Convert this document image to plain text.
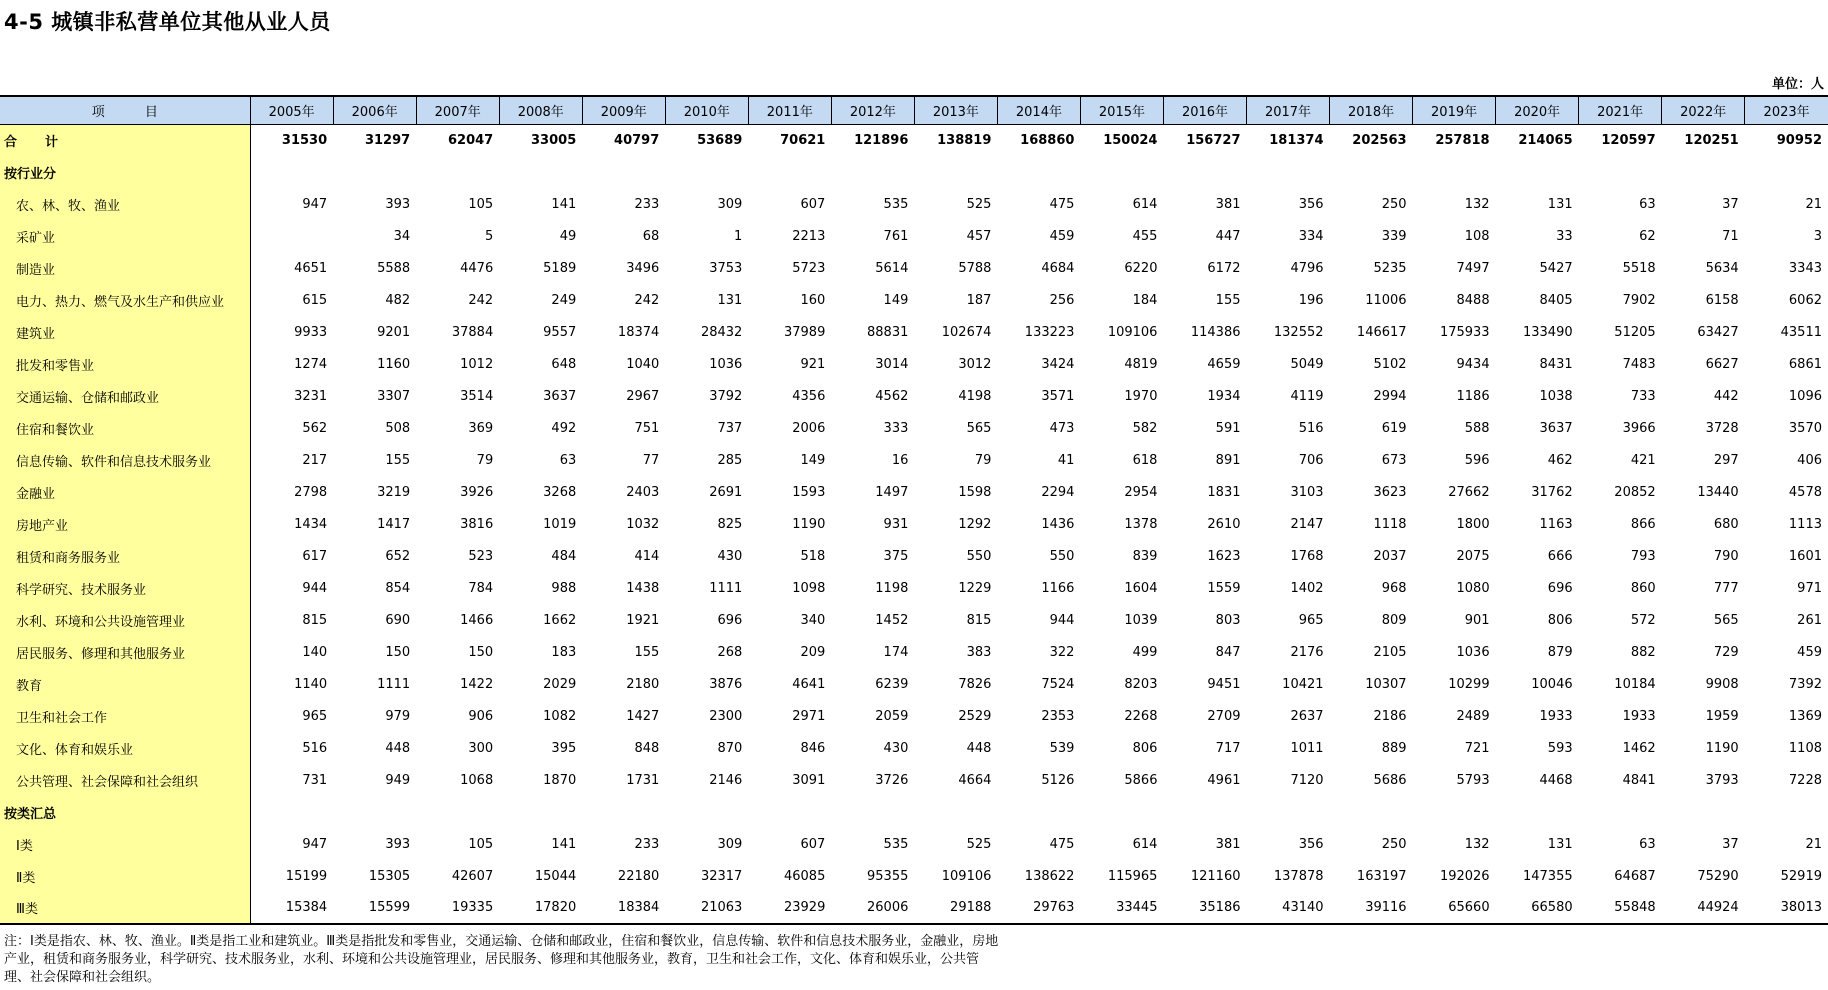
4-5 城镇非私营单位其他从业人员
单位：人
项 目	2005年	2006年	2007年	2008年	2009年	2010年	2011年	2012年	2013年	2014年	2015年	2016年	2017年	2018年	2019年	2020年	2021年	2022年	2023年
合计	31530	31297	62047	33005	40797	53689	70621	121896	138819	168860	150024	156727	181374	202563	257818	214065	120597	120251	90952
按行业分																			
农、林、牧、渔业	947	393	105	141	233	309	607	535	525	475	614	381	356	250	132	131	63	37	21
采矿业		34	5	49	68	1	2213	761	457	459	455	447	334	339	108	33	62	71	3
制造业	4651	5588	4476	5189	3496	3753	5723	5614	5788	4684	6220	6172	4796	5235	7497	5427	5518	5634	3343
电力、热力、燃气及水生产和供应业	615	482	242	249	242	131	160	149	187	256	184	155	196	11006	8488	8405	7902	6158	6062
建筑业	9933	9201	37884	9557	18374	28432	37989	88831	102674	133223	109106	114386	132552	146617	175933	133490	51205	63427	43511
批发和零售业	1274	1160	1012	648	1040	1036	921	3014	3012	3424	4819	4659	5049	5102	9434	8431	7483	6627	6861
交通运输、仓储和邮政业	3231	3307	3514	3637	2967	3792	4356	4562	4198	3571	1970	1934	4119	2994	1186	1038	733	442	1096
住宿和餐饮业	562	508	369	492	751	737	2006	333	565	473	582	591	516	619	588	3637	3966	3728	3570
信息传输、软件和信息技术服务业	217	155	79	63	77	285	149	16	79	41	618	891	706	673	596	462	421	297	406
金融业	2798	3219	3926	3268	2403	2691	1593	1497	1598	2294	2954	1831	3103	3623	27662	31762	20852	13440	4578
房地产业	1434	1417	3816	1019	1032	825	1190	931	1292	1436	1378	2610	2147	1118	1800	1163	866	680	1113
租赁和商务服务业	617	652	523	484	414	430	518	375	550	550	839	1623	1768	2037	2075	666	793	790	1601
科学研究、技术服务业	944	854	784	988	1438	1111	1098	1198	1229	1166	1604	1559	1402	968	1080	696	860	777	971
水利、环境和公共设施管理业	815	690	1466	1662	1921	696	340	1452	815	944	1039	803	965	809	901	806	572	565	261
居民服务、修理和其他服务业	140	150	150	183	155	268	209	174	383	322	499	847	2176	2105	1036	879	882	729	459
教育	1140	1111	1422	2029	2180	3876	4641	6239	7826	7524	8203	9451	10421	10307	10299	10046	10184	9908	7392
卫生和社会工作	965	979	906	1082	1427	2300	2971	2059	2529	2353	2268	2709	2637	2186	2489	1933	1933	1959	1369
文化、体育和娱乐业	516	448	300	395	848	870	846	430	448	539	806	717	1011	889	721	593	1462	1190	1108
公共管理、社会保障和社会组织	731	949	1068	1870	1731	2146	3091	3726	4664	5126	5866	4961	7120	5686	5793	4468	4841	3793	7228
按类汇总																			
Ⅰ类	947	393	105	141	233	309	607	535	525	475	614	381	356	250	132	131	63	37	21
Ⅱ类	15199	15305	42607	15044	22180	32317	46085	95355	109106	138622	115965	121160	137878	163197	192026	147355	64687	75290	52919
Ⅲ类	15384	15599	19335	17820	18384	21063	23929	26006	29188	29763	33445	35186	43140	39116	65660	66580	55848	44924	38013
注：Ⅰ类是指农、林、牧、渔业。Ⅱ类是指工业和建筑业。Ⅲ类是指批发和零售业，交通运输、仓储和邮政业，住宿和餐饮业，信息传输、软件和信息技术服务业，金融业，房地产业，租赁和商务服务业，科学研究、技术服务业，水利、环境和公共设施管理业，居民服务、修理和其他服务业，教育，卫生和社会工作，文化、体育和娱乐业，公共管理、社会保障和社会组织。
